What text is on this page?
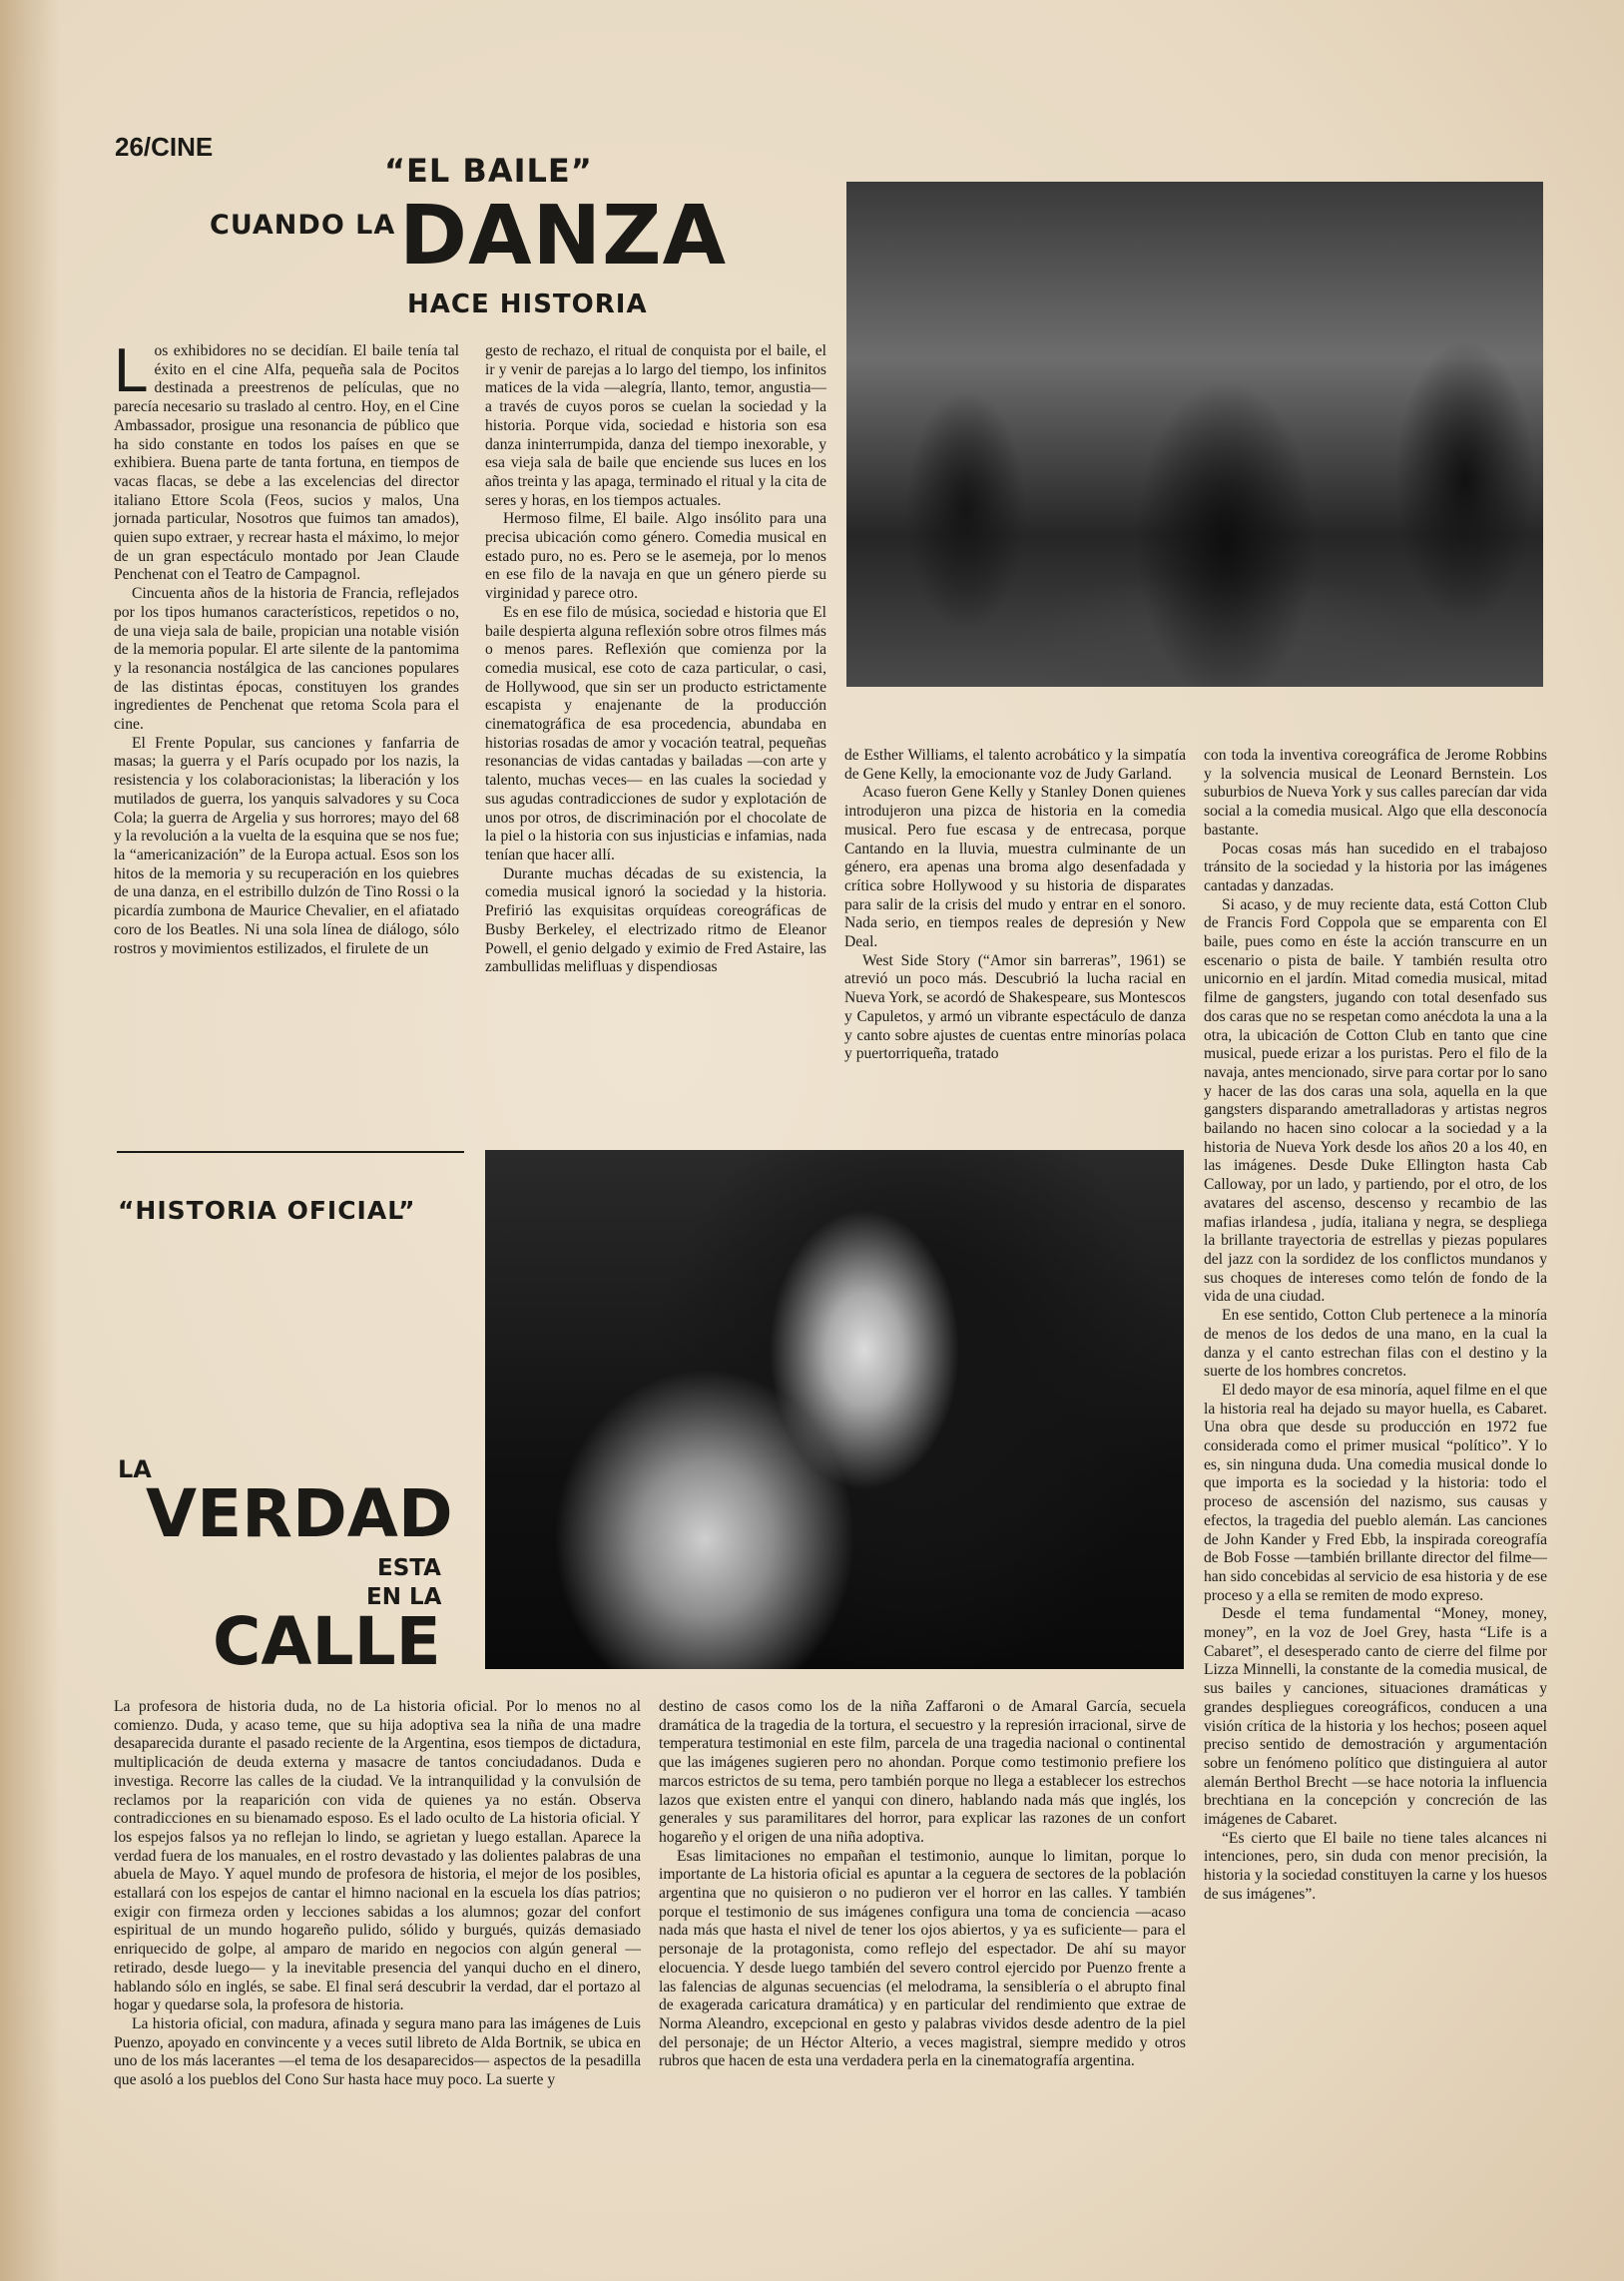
26/CINE
“EL BAILE”
CUANDO LA DANZA
HACE HISTORIA

Los exhibidores no se decidían. El baile tenía tal éxito en el cine Alfa, pequeña sala de Pocitos destinada a preestrenos de películas, que no parecía necesario su traslado al centro. Hoy, en el Cine Ambassador, prosigue una resonancia de público que ha sido constante en todos los países en que se exhibiera. Buena parte de tanta fortuna, en tiempos de vacas flacas, se debe a las excelencias del director italiano Ettore Scola (Feos, sucios y malos, Una jornada particular, Nosotros que fuimos tan amados), quien supo extraer, y recrear hasta el máximo, lo mejor de un gran espectáculo montado por Jean Claude Penchenat con el Teatro de Campagnol.

Cincuenta años de la historia de Francia, reflejados por los tipos humanos característicos, repetidos o no, de una vieja sala de baile, propician una notable visión de la memoria popular. El arte silente de la pantomima y la resonancia nostálgica de las canciones populares de las distintas épocas, constituyen los grandes ingredientes de Penchenat que retoma Scola para el cine.

El Frente Popular, sus canciones y fanfarria de masas; la guerra y el París ocupado por los nazis, la resistencia y los colaboracionistas; la liberación y los mutilados de guerra, los yanquis salvadores y su Coca Cola; la guerra de Argelia y sus horrores; mayo del 68 y la revolución a la vuelta de la esquina que se nos fue; la “americanización” de la Europa actual. Esos son los hitos de la memoria y su recuperación en los quiebres de una danza, en el estribillo dulzón de Tino Rossi o la picardía zumbona de Maurice Chevalier, en el afiatado coro de los Beatles. Ni una sola línea de diálogo, sólo rostros y movimientos estilizados, el firulete de un

gesto de rechazo, el ritual de conquista por el baile, el ir y venir de parejas a lo largo del tiempo, los infinitos matices de la vida —alegría, llanto, temor, angustia— a través de cuyos poros se cuelan la sociedad y la historia. Porque vida, sociedad e historia son esa danza ininterrumpida, danza del tiempo inexorable, y esa vieja sala de baile que enciende sus luces en los años treinta y las apaga, terminado el ritual y la cita de seres y horas, en los tiempos actuales.

Hermoso filme, El baile. Algo insólito para una precisa ubicación como género. Comedia musical en estado puro, no es. Pero se le asemeja, por lo menos en ese filo de la navaja en que un género pierde su virginidad y parece otro.

Es en ese filo de música, sociedad e historia que El baile despierta alguna reflexión sobre otros filmes más o menos pares. Reflexión que comienza por la comedia musical, ese coto de caza particular, o casi, de Hollywood, que sin ser un producto estrictamente escapista y enajenante de la producción cinematográfica de esa procedencia, abundaba en historias rosadas de amor y vocación teatral, pequeñas resonancias de vidas cantadas y bailadas —con arte y talento, muchas veces— en las cuales la sociedad y sus agudas contradicciones de sudor y explotación de unos por otros, de discriminación por el chocolate de la piel o la historia con sus injusticias e infamias, nada tenían que hacer allí.

Durante muchas décadas de su existencia, la comedia musical ignoró la sociedad y la historia. Prefirió las exquisitas orquídeas coreográficas de Busby Berkeley, el electrizado ritmo de Eleanor Powell, el genio delgado y eximio de Fred Astaire, las zambullidas melifluas y dispendiosas

de Esther Williams, el talento acrobático y la simpatía de Gene Kelly, la emocionante voz de Judy Garland.

Acaso fueron Gene Kelly y Stanley Donen quienes introdujeron una pizca de historia en la comedia musical. Pero fue escasa y de entrecasa, porque Cantando en la lluvia, muestra culminante de un género, era apenas una broma algo desenfadada y crítica sobre Hollywood y su historia de disparates para salir de la crisis del mudo y entrar en el sonoro. Nada serio, en tiempos reales de depresión y New Deal.

West Side Story (“Amor sin barreras”, 1961) se atrevió un poco más. Descubrió la lucha racial en Nueva York, se acordó de Shakespeare, sus Montescos y Capuletos, y armó un vibrante espectáculo de danza y canto sobre ajustes de cuentas entre minorías polaca y puertorriqueña, tratado

con toda la inventiva coreográfica de Jerome Robbins y la solvencia musical de Leonard Bernstein. Los suburbios de Nueva York y sus calles parecían dar vida social a la comedia musical. Algo que ella desconocía bastante.

Pocas cosas más han sucedido en el trabajoso tránsito de la sociedad y la historia por las imágenes cantadas y danzadas.

Si acaso, y de muy reciente data, está Cotton Club de Francis Ford Coppola que se emparenta con El baile, pues como en éste la acción transcurre en un escenario o pista de baile. Y también resulta otro unicornio en el jardín. Mitad comedia musical, mitad filme de gangsters, jugando con total desenfado sus dos caras que no se respetan como anécdota la una a la otra, la ubicación de Cotton Club en tanto que cine musical, puede erizar a los puristas. Pero el filo de la navaja, antes mencionado, sirve para cortar por lo sano y hacer de las dos caras una sola, aquella en la que gangsters disparando ametralladoras y artistas negros bailando no hacen sino colocar a la sociedad y a la historia de Nueva York desde los años 20 a los 40, en las imágenes. Desde Duke Ellington hasta Cab Calloway, por un lado, y partiendo, por el otro, de los avatares del ascenso, descenso y recambio de las mafias irlandesa , judía, italiana y negra, se despliega la brillante trayectoria de estrellas y piezas populares del jazz con la sordidez de los conflictos mundanos y sus choques de intereses como telón de fondo de la vida de una ciudad.

En ese sentido, Cotton Club pertenece a la minoría de menos de los dedos de una mano, en la cual la danza y el canto estrechan filas con el destino y la suerte de los hombres concretos.

El dedo mayor de esa minoría, aquel filme en el que la historia real ha dejado su mayor huella, es Cabaret. Una obra que desde su producción en 1972 fue considerada como el primer musical “político”. Y lo es, sin ninguna duda. Una comedia musical donde lo que importa es la sociedad y la historia: todo el proceso de ascensión del nazismo, sus causas y efectos, la tragedia del pueblo alemán. Las canciones de John Kander y Fred Ebb, la inspirada coreografía de Bob Fosse —también brillante director del filme— han sido concebidas al servicio de esa historia y de ese proceso y a ella se remiten de modo expreso.

Desde el tema fundamental “Money, money, money”, en la voz de Joel Grey, hasta “Life is a Cabaret”, el desesperado canto de cierre del filme por Lizza Minnelli, la constante de la comedia musical, de sus bailes y canciones, situaciones dramáticas y grandes despliegues coreográficos, conducen a una visión crítica de la historia y los hechos; poseen aquel preciso sentido de demostración y argumentación sobre un fenómeno político que distinguiera al autor alemán Berthol Brecht —se hace notoria la influencia brechtiana en la concepción y concreción de las imágenes de Cabaret.

“Es cierto que El baile no tiene tales alcances ni intenciones, pero, sin duda con menor precisión, la historia y la sociedad constituyen la carne y los huesos de sus imágenes”.

“HISTORIA OFICIAL”
LA
VERDAD
ESTA
EN LA
CALLE

La profesora de historia duda, no de La historia oficial. Por lo menos no al comienzo. Duda, y acaso teme, que su hija adoptiva sea la niña de una madre desaparecida durante el pasado reciente de la Argentina, esos tiempos de dictadura, multiplicación de deuda externa y masacre de tantos conciudadanos. Duda e investiga. Recorre las calles de la ciudad. Ve la intranquilidad y la convulsión de reclamos por la reaparición con vida de quienes ya no están. Observa contradicciones en su bienamado esposo. Es el lado oculto de La historia oficial. Y los espejos falsos ya no reflejan lo lindo, se agrietan y luego estallan. Aparece la verdad fuera de los manuales, en el rostro devastado y las dolientes palabras de una abuela de Mayo. Y aquel mundo de profesora de historia, el mejor de los posibles, estallará con los espejos de cantar el himno nacional en la escuela los días patrios; exigir con firmeza orden y lecciones sabidas a los alumnos; gozar del confort espiritual de un mundo hogareño pulido, sólido y burgués, quizás demasiado enriquecido de golpe, al amparo de marido en negocios con algún general —retirado, desde luego— y la inevitable presencia del yanqui ducho en el dinero, hablando sólo en inglés, se sabe. El final será descubrir la verdad, dar el portazo al hogar y quedarse sola, la profesora de historia.

La historia oficial, con madura, afinada y segura mano para las imágenes de Luis Puenzo, apoyado en convincente y a veces sutil libreto de Alda Bortnik, se ubica en uno de los más lacerantes —el tema de los desaparecidos— aspectos de la pesadilla que asoló a los pueblos del Cono Sur hasta hace muy poco. La suerte y

destino de casos como los de la niña Zaffaroni o de Amaral García, secuela dramática de la tragedia de la tortura, el secuestro y la represión irracional, sirve de temperatura testimonial en este film, parcela de una tragedia nacional o continental que las imágenes sugieren pero no ahondan. Porque como testimonio prefiere los marcos estrictos de su tema, pero también porque no llega a establecer los estrechos lazos que existen entre el yanqui con dinero, hablando nada más que inglés, los generales y sus paramilitares del horror, para explicar las razones de un confort hogareño y el origen de una niña adoptiva.

Esas limitaciones no empañan el testimonio, aunque lo limitan, porque lo importante de La historia oficial es apuntar a la ceguera de sectores de la población argentina que no quisieron o no pudieron ver el horror en las calles. Y también porque el testimonio de sus imágenes configura una toma de conciencia —acaso nada más que hasta el nivel de tener los ojos abiertos, y ya es suficiente— para el personaje de la protagonista, como reflejo del espectador. De ahí su mayor elocuencia. Y desde luego también del severo control ejercido por Puenzo frente a las falencias de algunas secuencias (el melodrama, la sensiblería o el abrupto final de exagerada caricatura dramática) y en particular del rendimiento que extrae de Norma Aleandro, excepcional en gesto y palabras vividos desde adentro de la piel del personaje; de un Héctor Alterio, a veces magistral, siempre medido y otros rubros que hacen de esta una verdadera perla en la cinematografía argentina.
